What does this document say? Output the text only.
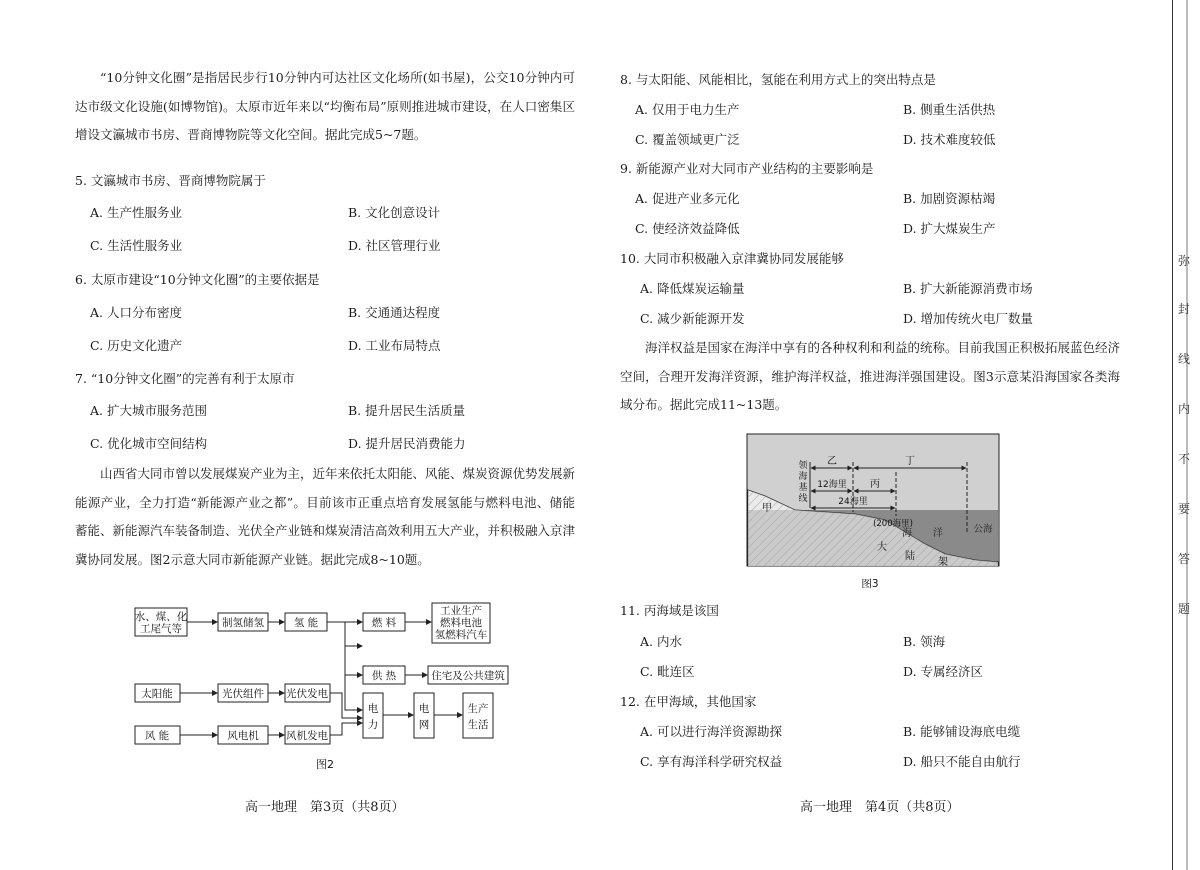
“10分钟文化圈”是指居民步行10分钟内可达社区文化场所(如书屋)，公交10分钟内可达市级文化设施(如博物馆)。太原市近年来以“均衡布局”原则推进城市建设，在人口密集区增设文瀛城市书房、晋商博物院等文化空间。据此完成5~7题。
5. 文瀛城市书房、晋商博物院属于
A. 生产性服务业	B. 文化创意设计
C. 生活性服务业	D. 社区管理行业
6. 太原市建设“10分钟文化圈”的主要依据是
A. 人口分布密度	B. 交通通达程度
C. 历史文化遗产	D. 工业布局特点
7. “10分钟文化圈”的完善有利于太原市
A. 扩大城市服务范围	B. 提升居民生活质量
C. 优化城市空间结构	D. 提升居民消费能力
山西省大同市曾以发展煤炭产业为主，近年来依托太阳能、风能、煤炭资源优势发展新能源产业，全力打造“新能源产业之都”。目前该市正重点培育发展氢能与燃料电池、储能蓄能、新能源汽车装备制造、光伏全产业链和煤炭清洁高效利用五大产业，并积极融入京津冀协同发展。图2示意大同市新能源产业链。据此完成8~10题。
水、煤、化
工尾气等	制氢储氢	氢 能	燃 料
工业生产
燃料电池
氢燃料汽车
供 热	住宅及公共建筑
太阳能	光伏组件 光伏发电
风 能	风电机	风机发电
电
力
电
网
生产
生活
图2
高一地理　第3页（共8页）
8. 与太阳能、风能相比，氢能在利用方式上的突出特点是
A. 仅用于电力生产	B. 侧重生活供热
C. 覆盖领域更广泛	D. 技术难度较低
9. 新能源产业对大同市产业结构的主要影响是
A. 促进产业多元化	B. 加剧资源枯竭
C. 使经济效益降低	D. 扩大煤炭生产
10. 大同市积极融入京津冀协同发展能够
A. 降低煤炭运输量	B. 扩大新能源消费市场
C. 减少新能源开发	D. 增加传统火电厂数量
海洋权益是国家在海洋中享有的各种权利和利益的统称。目前我国正积极拓展蓝色经济空间，合理开发海洋资源，维护海洋权益，推进海洋强国建设。图3示意某沿海国家各类海域分布。据此完成11~13题。
乙	丁
12海里 丙
甲
24海里
(200海里)
领
海
基
线
海 洋	公海
大
陆
架
图3
11. 丙海域是该国
A. 内水	B. 领海
C. 毗连区	D. 专属经济区
12. 在甲海域，其他国家
A. 可以进行海洋资源勘探	B. 能够铺设海底电缆
C. 享有海洋科学研究权益	D. 船只不能自由航行
高一地理　第4页（共8页）
弥
封
线
内
不
要
答
题
